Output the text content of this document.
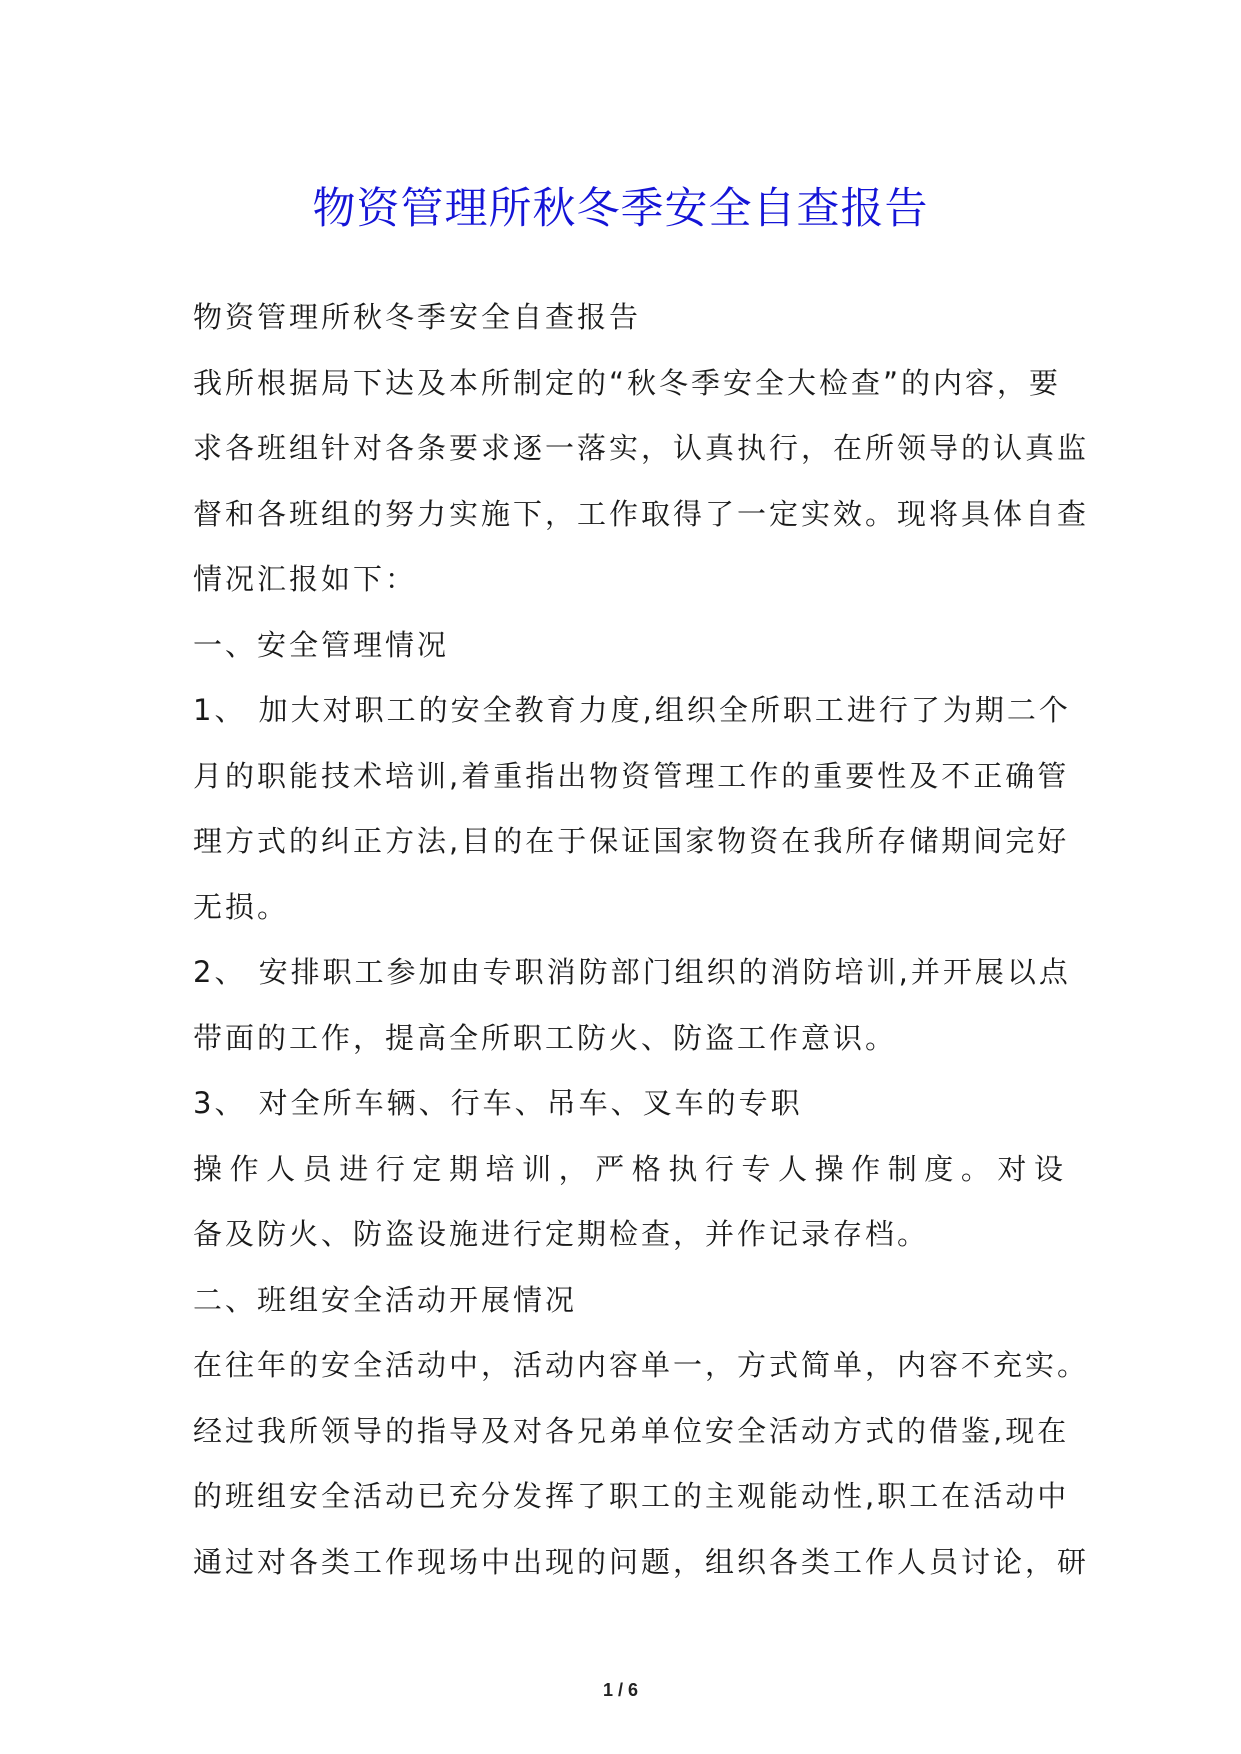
物资管理所秋冬季安全自查报告
物资管理所秋冬季安全自查报告
我所根据局下达及本所制定的“秋冬季安全大检查”的内容，要
求各班组针对各条要求逐一落实，认真执行，在所领导的认真监
督和各班组的努力实施下，工作取得了一定实效。现将具体自查
情况汇报如下：
一、安全管理情况
1、 加大对职工的安全教育力度,组织全所职工进行了为期二个
月的职能技术培训,着重指出物资管理工作的重要性及不正确管
理方式的纠正方法,目的在于保证国家物资在我所存储期间完好
无损。
2、 安排职工参加由专职消防部门组织的消防培训,并开展以点
带面的工作，提高全所职工防火、防盗工作意识。
3、 对全所车辆、行车、吊车、叉车的专职
操作人员进行定期培训，严格执行专人操作制度。对设
备及防火、防盗设施进行定期检查，并作记录存档。
二、班组安全活动开展情况
在往年的安全活动中，活动内容单一，方式简单，内容不充实。
经过我所领导的指导及对各兄弟单位安全活动方式的借鉴,现在
的班组安全活动已充分发挥了职工的主观能动性,职工在活动中
通过对各类工作现场中出现的问题，组织各类工作人员讨论，研
1 / 6
